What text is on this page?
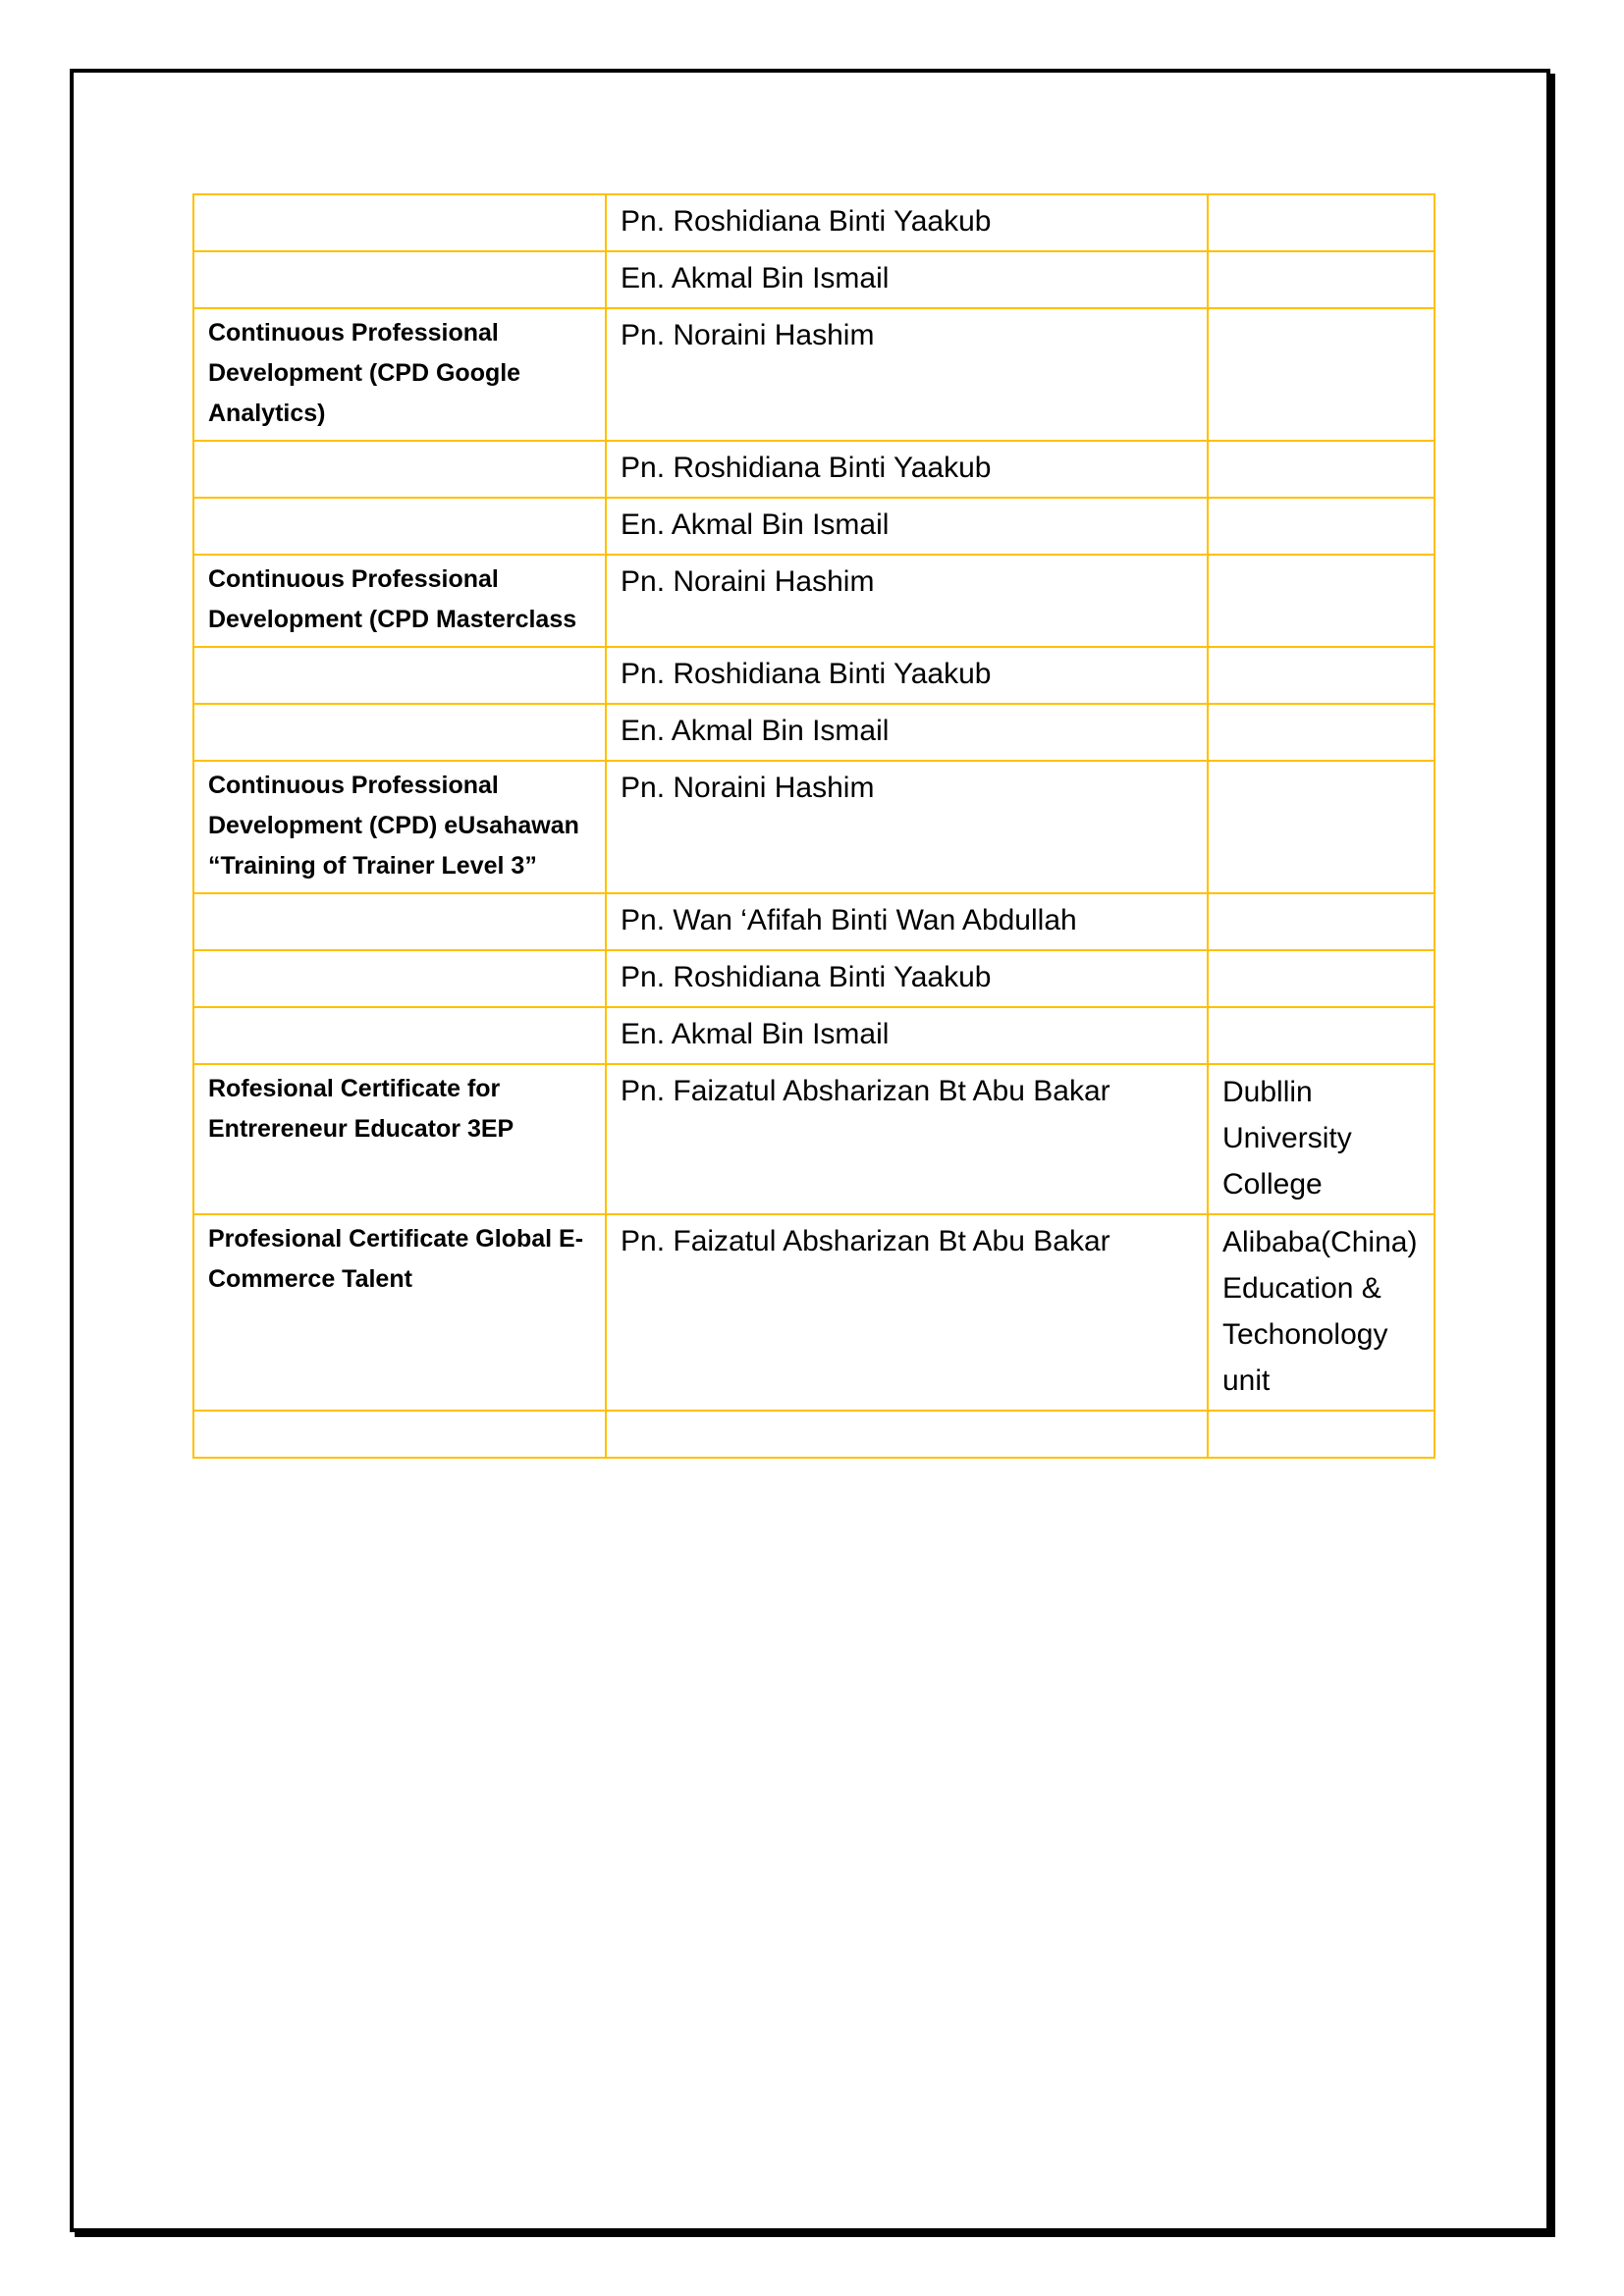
	Pn. Roshidiana Binti Yaakub	
	En. Akmal Bin Ismail	
Continuous Professional Development (CPD Google Analytics)	Pn. Noraini Hashim	
	Pn. Roshidiana Binti Yaakub	
	En. Akmal Bin Ismail	
Continuous Professional Development (CPD Masterclass	Pn. Noraini Hashim	
	Pn. Roshidiana Binti Yaakub	
	En. Akmal Bin Ismail	
Continuous Professional Development (CPD) eUsahawan “Training of Trainer Level 3”	Pn. Noraini Hashim	
	Pn. Wan ‘Afifah Binti Wan Abdullah	
	Pn. Roshidiana Binti Yaakub	
	En. Akmal Bin Ismail	
Rofesional Certificate for Entrereneur Educator 3EP	Pn. Faizatul Absharizan Bt Abu Bakar	Dubllin University College
Profesional Certificate Global E-Commerce Talent	Pn. Faizatul Absharizan Bt Abu Bakar	Alibaba(China) Education & Techonology unit
